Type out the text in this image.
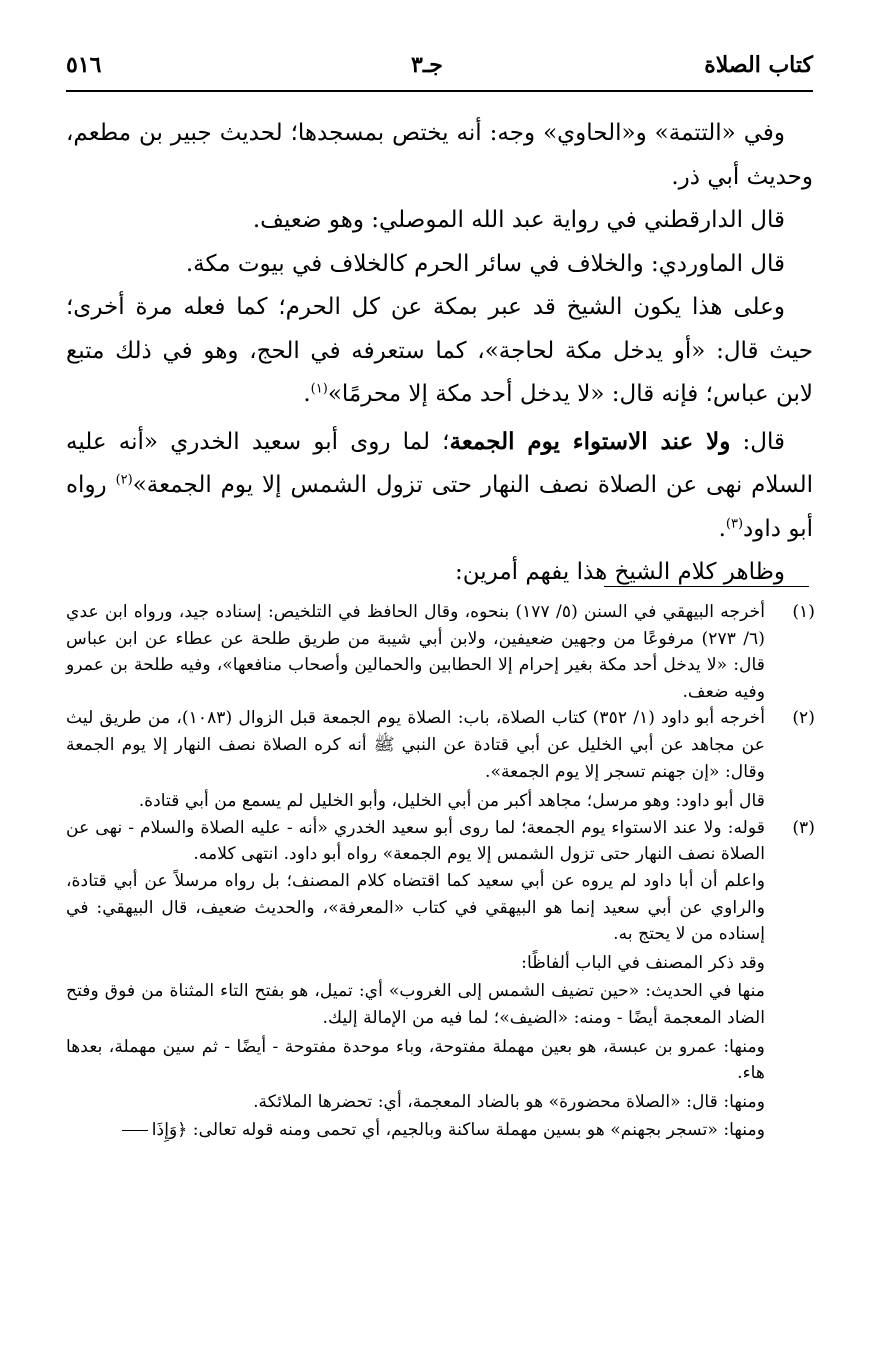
٥١٦	جـ٣	كتاب الصلاة

وفي «التتمة» و«الحاوي» وجه: أنه يختص بمسجدها؛ لحديث جبير بن مطعم، وحديث أبي ذر.

قال الدارقطني في رواية عبد الله الموصلي: وهو ضعيف.

قال الماوردي: والخلاف في سائر الحرم كالخلاف في بيوت مكة.

وعلى هذا يكون الشيخ قد عبر بمكة عن كل الحرم؛ كما فعله مرة أخرى؛ حيث قال: «أو يدخل مكة لحاجة»، كما ستعرفه في الحج، وهو في ذلك متبع لابن عباس؛ فإنه قال: «لا يدخل أحد مكة إلا محرمًا»$^{(١)}$.

قال: ولا عند الاستواء يوم الجمعة؛ لما روى أبو سعيد الخدري «أنه عليه السلام نهى عن الصلاة نصف النهار حتى تزول الشمس إلا يوم الجمعة»$^{(٢)}$ رواه أبو داود$^{(٣)}$.

وظاهر كلام الشيخ هذا يفهم أمرين:

(١)
أخرجه البيهقي في السنن (٥/ ١٧٧) بنحوه، وقال الحافظ في التلخيص: إسناده جيد، ورواه ابن عدي (٦/ ٢٧٣) مرفوعًا من وجهين ضعيفين، ولابن أبي شيبة من طريق طلحة عن عطاء عن ابن عباس قال: «لا يدخل أحد مكة بغير إحرام إلا الحطابين والحمالين وأصحاب منافعها»، وفيه طلحة بن عمرو وفيه ضعف.
(٢)

أخرجه أبو داود (١/ ٣٥٢) كتاب الصلاة، باب: الصلاة يوم الجمعة قبل الزوال (١٠٨٣)، من طريق ليث عن مجاهد عن أبي الخليل عن أبي قتادة عن النبي ﷺ أنه كره الصلاة نصف النهار إلا يوم الجمعة وقال: «إن جهنم تسجر إلا يوم الجمعة».

قال أبو داود: وهو مرسل؛ مجاهد أكبر من أبي الخليل، وأبو الخليل لم يسمع من أبي قتادة.

(٣)
قوله: ولا عند الاستواء يوم الجمعة؛ لما روى أبو سعيد الخدري «أنه - عليه الصلاة والسلام - نهى عن الصلاة نصف النهار حتى تزول الشمس إلا يوم الجمعة» رواه أبو داود. انتهى كلامه.

واعلم أن أبا داود لم يروه عن أبي سعيد كما اقتضاه كلام المصنف؛ بل رواه مرسلاً عن أبي قتادة، والراوي عن أبي سعيد إنما هو البيهقي في كتاب «المعرفة»، والحديث ضعيف، قال البيهقي: في إسناده من لا يحتج به.

وقد ذكر المصنف في الباب ألفاظًا:

منها في الحديث: «حين تضيف الشمس إلى الغروب» أي: تميل، هو بفتح التاء المثناة من فوق وفتح الضاد المعجمة أيضًا - ومنه: «الضيف»؛ لما فيه من الإمالة إليك.

ومنها: عمرو بن عبسة، هو بعين مهملة مفتوحة، وباء موحدة مفتوحة - أيضًا - ثم سين مهملة، بعدها هاء.

ومنها: قال: «الصلاة محضورة» هو بالضاد المعجمة، أي: تحضرها الملائكة.

ومنها: «تسجر بجهنم» هو بسين مهملة ساكنة وبالجيم، أي تحمى ومنه قوله تعالى: ﴿وَإِذَا
